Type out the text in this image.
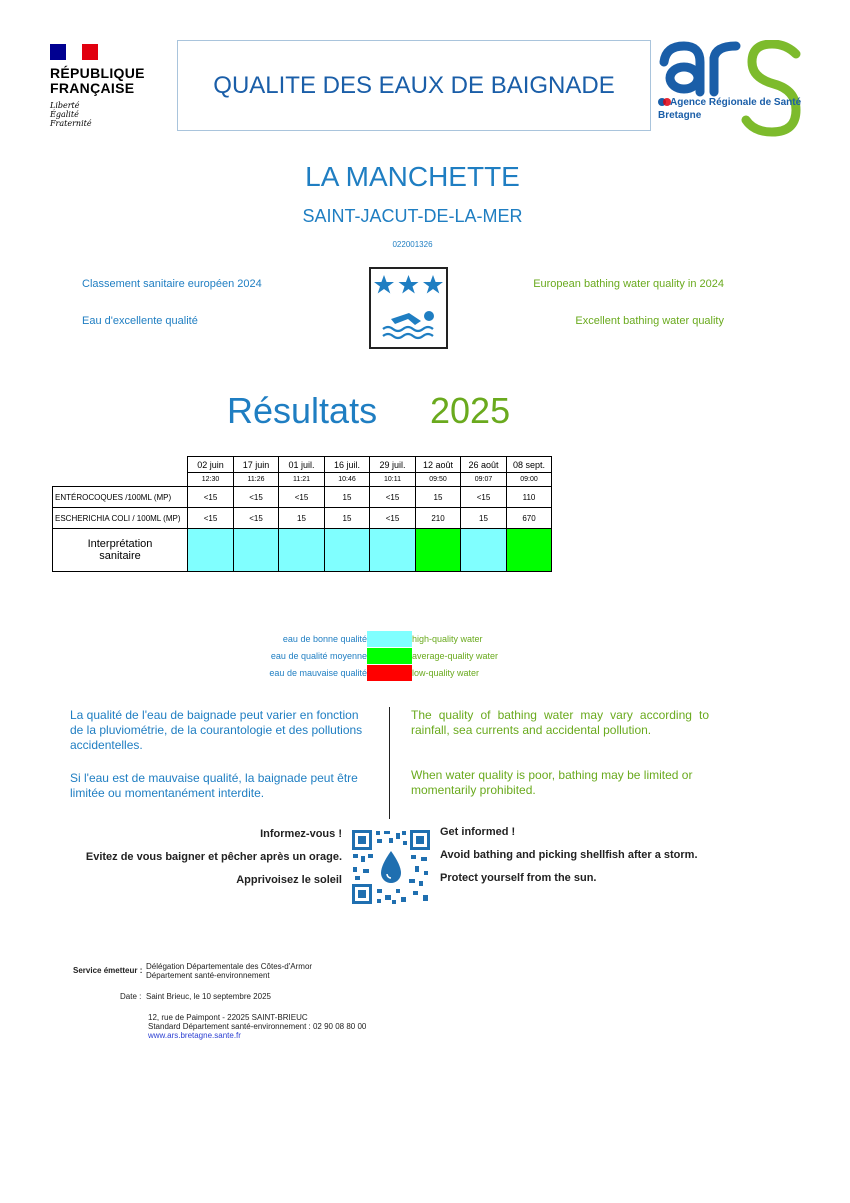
RÉPUBLIQUE
FRANÇAISE
Liberté
Égalité
Fraternité
QUALITE DES EAUX DE BAIGNADE
Agence Régionale de Santé
Bretagne
LA MANCHETTE
SAINT-JACUT-DE-LA-MER
022001326
Classement sanitaire européen 2024
Eau d'excellente qualité
European bathing water quality in 2024
Excellent bathing water quality
Résultats 2025
	02 juin	17 juin	01 juil.	16 juil.	29 juil.	12 août	26 août	08 sept.
	12:30	11:26	11:21	10:46	10:11	09:50	09:07	09:00
ENTÉROCOQUES /100ML (MP)	<15	<15	<15	15	<15	15	<15	110
ESCHERICHIA COLI / 100ML (MP)	<15	<15	15	15	<15	210	15	670

Interprétation
sanitaire								

eau de bonne qualité	high-quality water
eau de qualité moyenne	average-quality water
eau de mauvaise qualité	low-quality water
La qualité de l'eau de baignade peut varier en fonction de la pluviométrie, de la courantologie et des pollutions accidentelles.
Si l'eau est de mauvaise qualité, la baignade peut être limitée ou momentanément interdite.
The quality of bathing water may vary according to rainfall, sea currents and accidental pollution.
When water quality is poor, bathing may be limited or momentarily prohibited.
Informez-vous !
Evitez de vous baigner et pêcher après un orage.
Apprivoisez le soleil
Get informed !
Avoid bathing and picking shellfish after a storm.
Protect yourself from the sun.
Service émetteur : Délégation Départementale des Côtes-d'Armor
Département santé-environnement
Date : Saint Brieuc, le 10 septembre 2025
12, rue de Paimpont - 22025 SAINT-BRIEUC
Standard Département santé-environnement : 02 90 08 80 00
www.ars.bretagne.sante.fr
